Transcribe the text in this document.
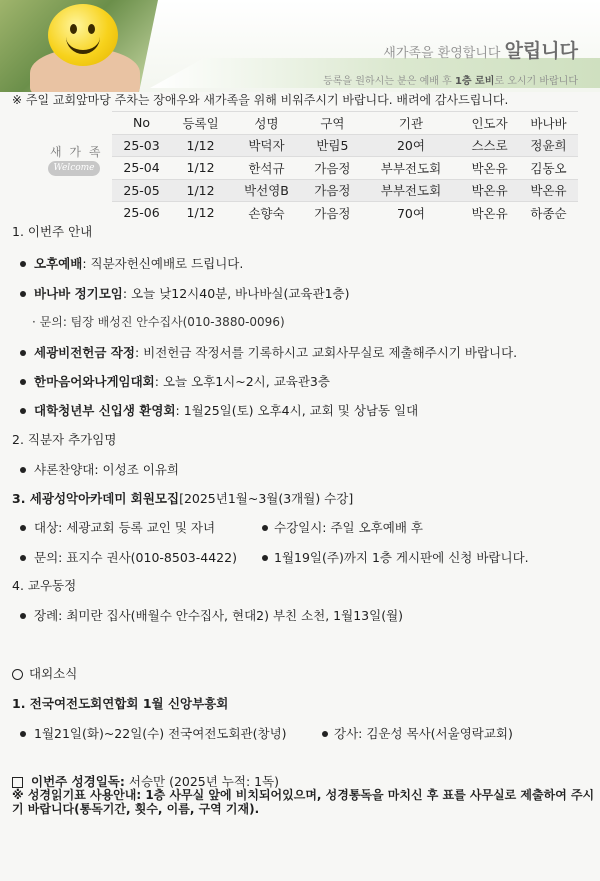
새가족을 환영합니다 알립니다
등록을 원하시는 분은 예배 후 1층 로비로 오시기 바랍니다
※ 주일 교회앞마당 주차는 장애우와 새가족을 위해 비워주시기 바랍니다. 배려에 감사드립니다.
새 가 족
Welcome
No	등록일	성명	구역	기관	인도자	바나바
25-03	1/12	박덕자	반림5	20여	스스로	정윤희
25-04	1/12	한석규	가음정	부부전도회	박온유	김동오
25-05	1/12	박선영B	가음정	부부전도회	박온유	박온유
25-06	1/12	손향숙	가음정	70여	박온유	하종순
1. 이번주 안내
오후예배: 직분자헌신예배로 드립니다.
바나바 정기모임: 오늘 낮12시40분, 바나바실(교육관1층)
· 문의: 팀장 배성진 안수집사(010-3880-0096)
세광비전헌금 작정: 비전헌금 작정서를 기록하시고 교회사무실로 제출해주시기 바랍니다.
한마음어와나게임대회: 오늘 오후1시~2시, 교육관3층
대학청년부 신입생 환영회: 1월25일(토) 오후4시, 교회 및 상남동 일대
2. 직분자 추가임명
샤론찬양대: 이성조 이유희
3. 세광성악아카데미 회원모집[2025년1월~3월(3개월) 수강]
대상: 세광교회 등록 교인 및 자녀	수강일시: 주일 오후예배 후
문의: 표지수 권사(010-8503-4422)	1월19일(주)까지 1층 게시판에 신청 바랍니다.
4. 교우동정
장례: 최미란 집사(배월수 안수집사, 현대2) 부친 소천, 1월13일(월)
대외소식
1. 전국여전도회연합회 1월 신앙부흥회
1월21일(화)~22일(수) 전국여전도회관(창녕)	강사: 김운성 목사(서울영락교회)
이번주 성경일독: 서승만 (2025년 누적: 1독)
※ 성경읽기표 사용안내: 1층 사무실 앞에 비치되어있으며, 성경통독을 마치신 후 표를 사무실로 제출하여 주시기 바랍니다(통독기간, 횟수, 이름, 구역 기재).
